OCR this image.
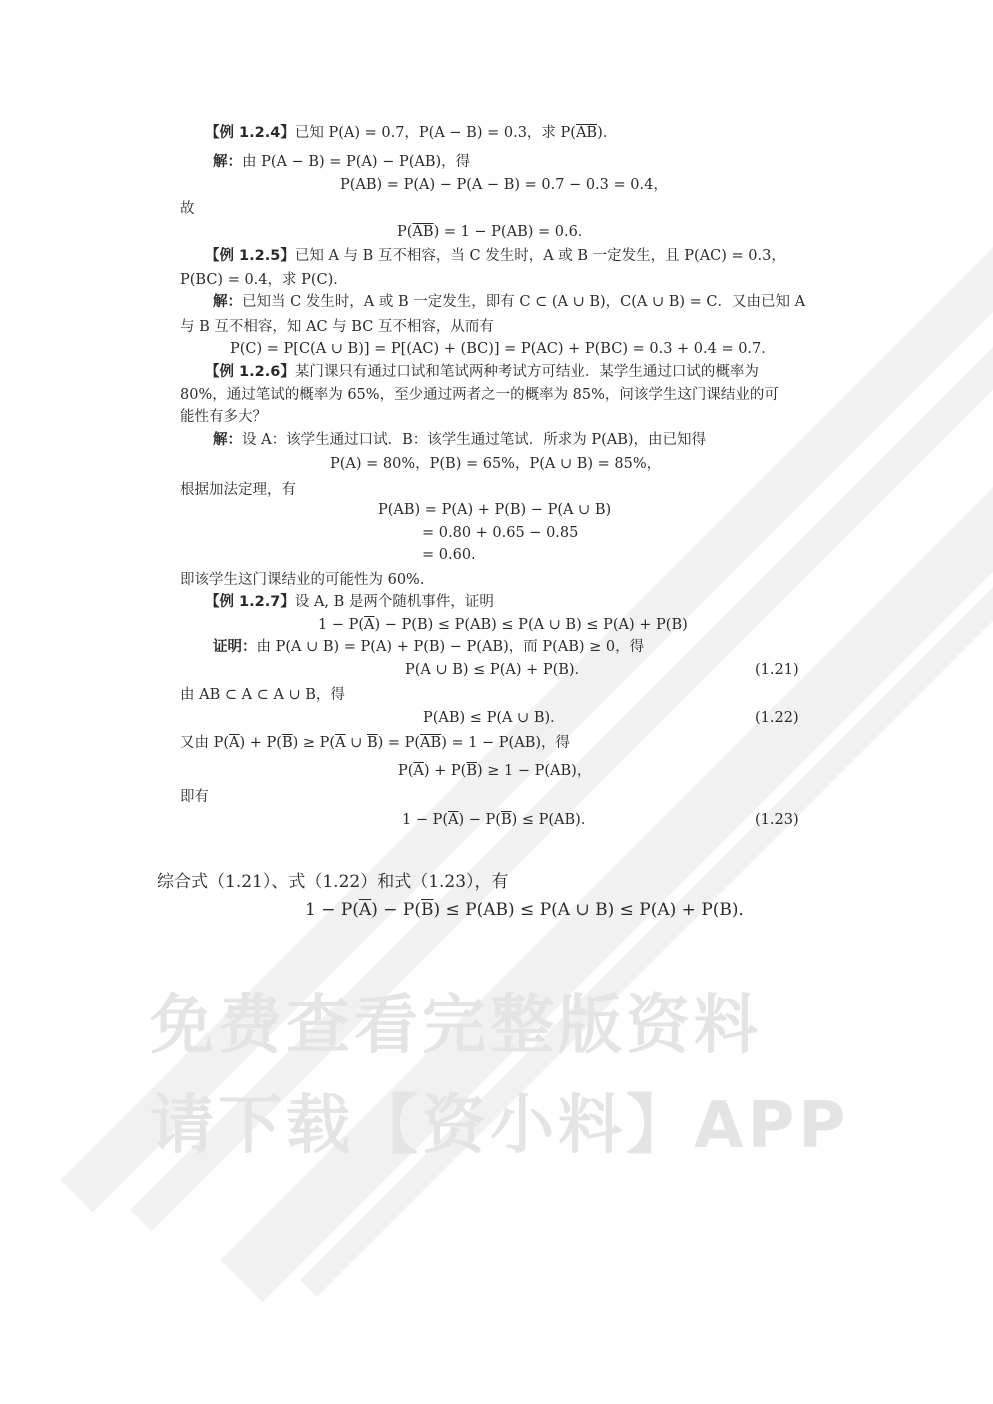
免费查看完整版资料
请下载【资小料】APP
【例 1.2.4】已知 P(A) = 0.7，P(A − B) = 0.3，求 $P(\overline{AB})$．
解：由 P(A − B) = P(A) − P(AB)，得
P(AB) = P(A) − P(A − B) = 0.7 − 0.3 = 0.4，
故
$P(\overline{AB}) = 1 - P(AB) = 0.6$．
【例 1.2.5】已知 A 与 B 互不相容，当 C 发生时，A 或 B 一定发生，且 P(AC) = 0.3，
P(BC) = 0.4，求 P(C)．
解：已知当 C 发生时，A 或 B 一定发生，即有 C ⊂ (A ∪ B)，C(A ∪ B) = C．又由已知 A
与 B 互不相容，知 AC 与 BC 互不相容，从而有
P(C) = P[C(A ∪ B)] = P[(AC) + (BC)] = P(AC) + P(BC) = 0.3 + 0.4 = 0.7．
【例 1.2.6】某门课只有通过口试和笔试两种考试方可结业．某学生通过口试的概率为
80%，通过笔试的概率为 65%，至少通过两者之一的概率为 85%，问该学生这门课结业的可
能性有多大？
解：设 A：该学生通过口试．B：该学生通过笔试．所求为 P(AB)，由已知得
P(A) = 80%，P(B) = 65%，P(A ∪ B) = 85%，
根据加法定理，有
P(AB) = P(A) + P(B) − P(A ∪ B)
= 0.80 + 0.65 − 0.85
= 0.60.
即该学生这门课结业的可能性为 60%.
【例 1.2.7】设 A, B 是两个随机事件，证明
$1 - P(\overline{A}) - P(B) \le P(AB) \le P(A$ ∪ B) ≤ P(A) + P(B)
证明：由 P(A ∪ B) = P(A) + P(B) − P(AB)，而 P(AB) ≥ 0，得
P(A ∪ B) ≤ P(A) + P(B)．	(1.21)
由 AB ⊂ A ⊂ A ∪ B，得
P(AB) ≤ P(A ∪ B)．	(1.22)
又由 $P(\overline{A}) + P(\overline{B}) \ge P(\overline{A}$ ∪ $\overline{B}) = P(\overline{AB}) = 1 - P(AB)$，得
$P(\overline{A}) + P(\overline{B}) \ge 1 - P(AB)$，
即有
$1 - P(\overline{A}) - P(\overline{B}) \le P(AB)$．	(1.23)
综合式（1.21）、式（1.22）和式（1.23），有
$1 - P(\overline{A}) - P(\overline{B}) \le P(AB) \le P(A$ ∪ B) ≤ P(A) + P(B)．
